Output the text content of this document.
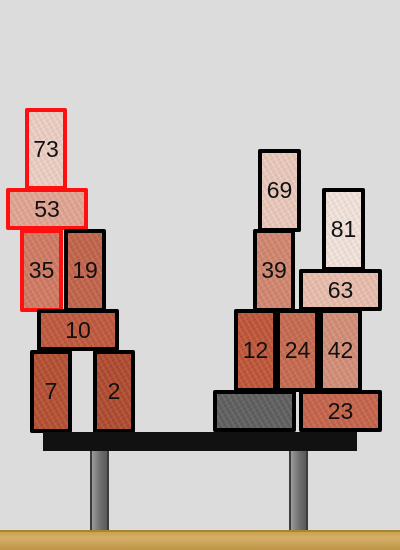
73
53
35 19
10
7 2
69
81
39
63
12 24 42
23
